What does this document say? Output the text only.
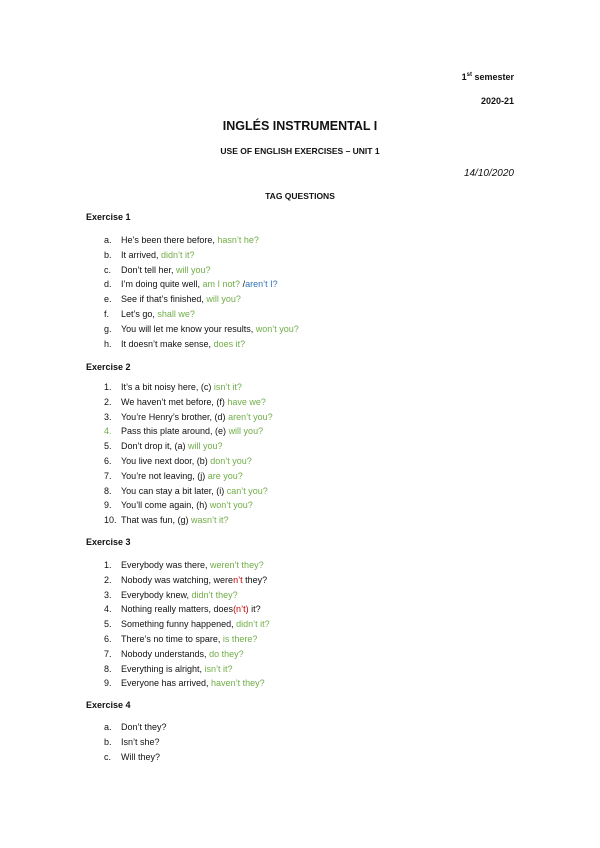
1st semester
2020-21
INGLÉS INSTRUMENTAL I
USE OF ENGLISH EXERCISES – UNIT 1
14/10/2020
TAG QUESTIONS
Exercise 1
a.	He’s been there before, hasn’t he?
b.	It arrived, didn’t it?
c.	Don’t tell her, will you?
d.	I’m doing quite well, am I not? /aren’t I?
e.	See if that’s finished, will you?
f.	Let’s go, shall we?
g.	You will let me know your results, won’t you?
h.	It doesn’t make sense, does it?
Exercise 2
1.	It’s a bit noisy here, (c) isn’t it?
2.	We haven’t met before, (f) have we?
3.	You’re Henry’s brother, (d) aren’t you?
4.	Pass this plate around, (e) will you?
5.	Don’t drop it, (a) will you?
6.	You live next door, (b) don’t you?
7.	You’re not leaving, (j) are you?
8.	You can stay a bit later, (i) can’t you?
9.	You’ll come again, (h) won’t you?
10. That was fun, (g) wasn’t it?
Exercise 3
1.	Everybody was there, weren’t they?
2.	Nobody was watching, weren’t they?
3.	Everybody knew, didn’t they?
4.	Nothing really matters, does(n’t) it?
5.	Something funny happened, didn’t it?
6.	There’s no time to spare, is there?
7.	Nobody understands, do they?
8.	Everything is alright, isn’t it?
9.	Everyone has arrived, haven’t they?
Exercise 4
a.	Don’t they?
b.	Isn’t she?
c.	Will they?
